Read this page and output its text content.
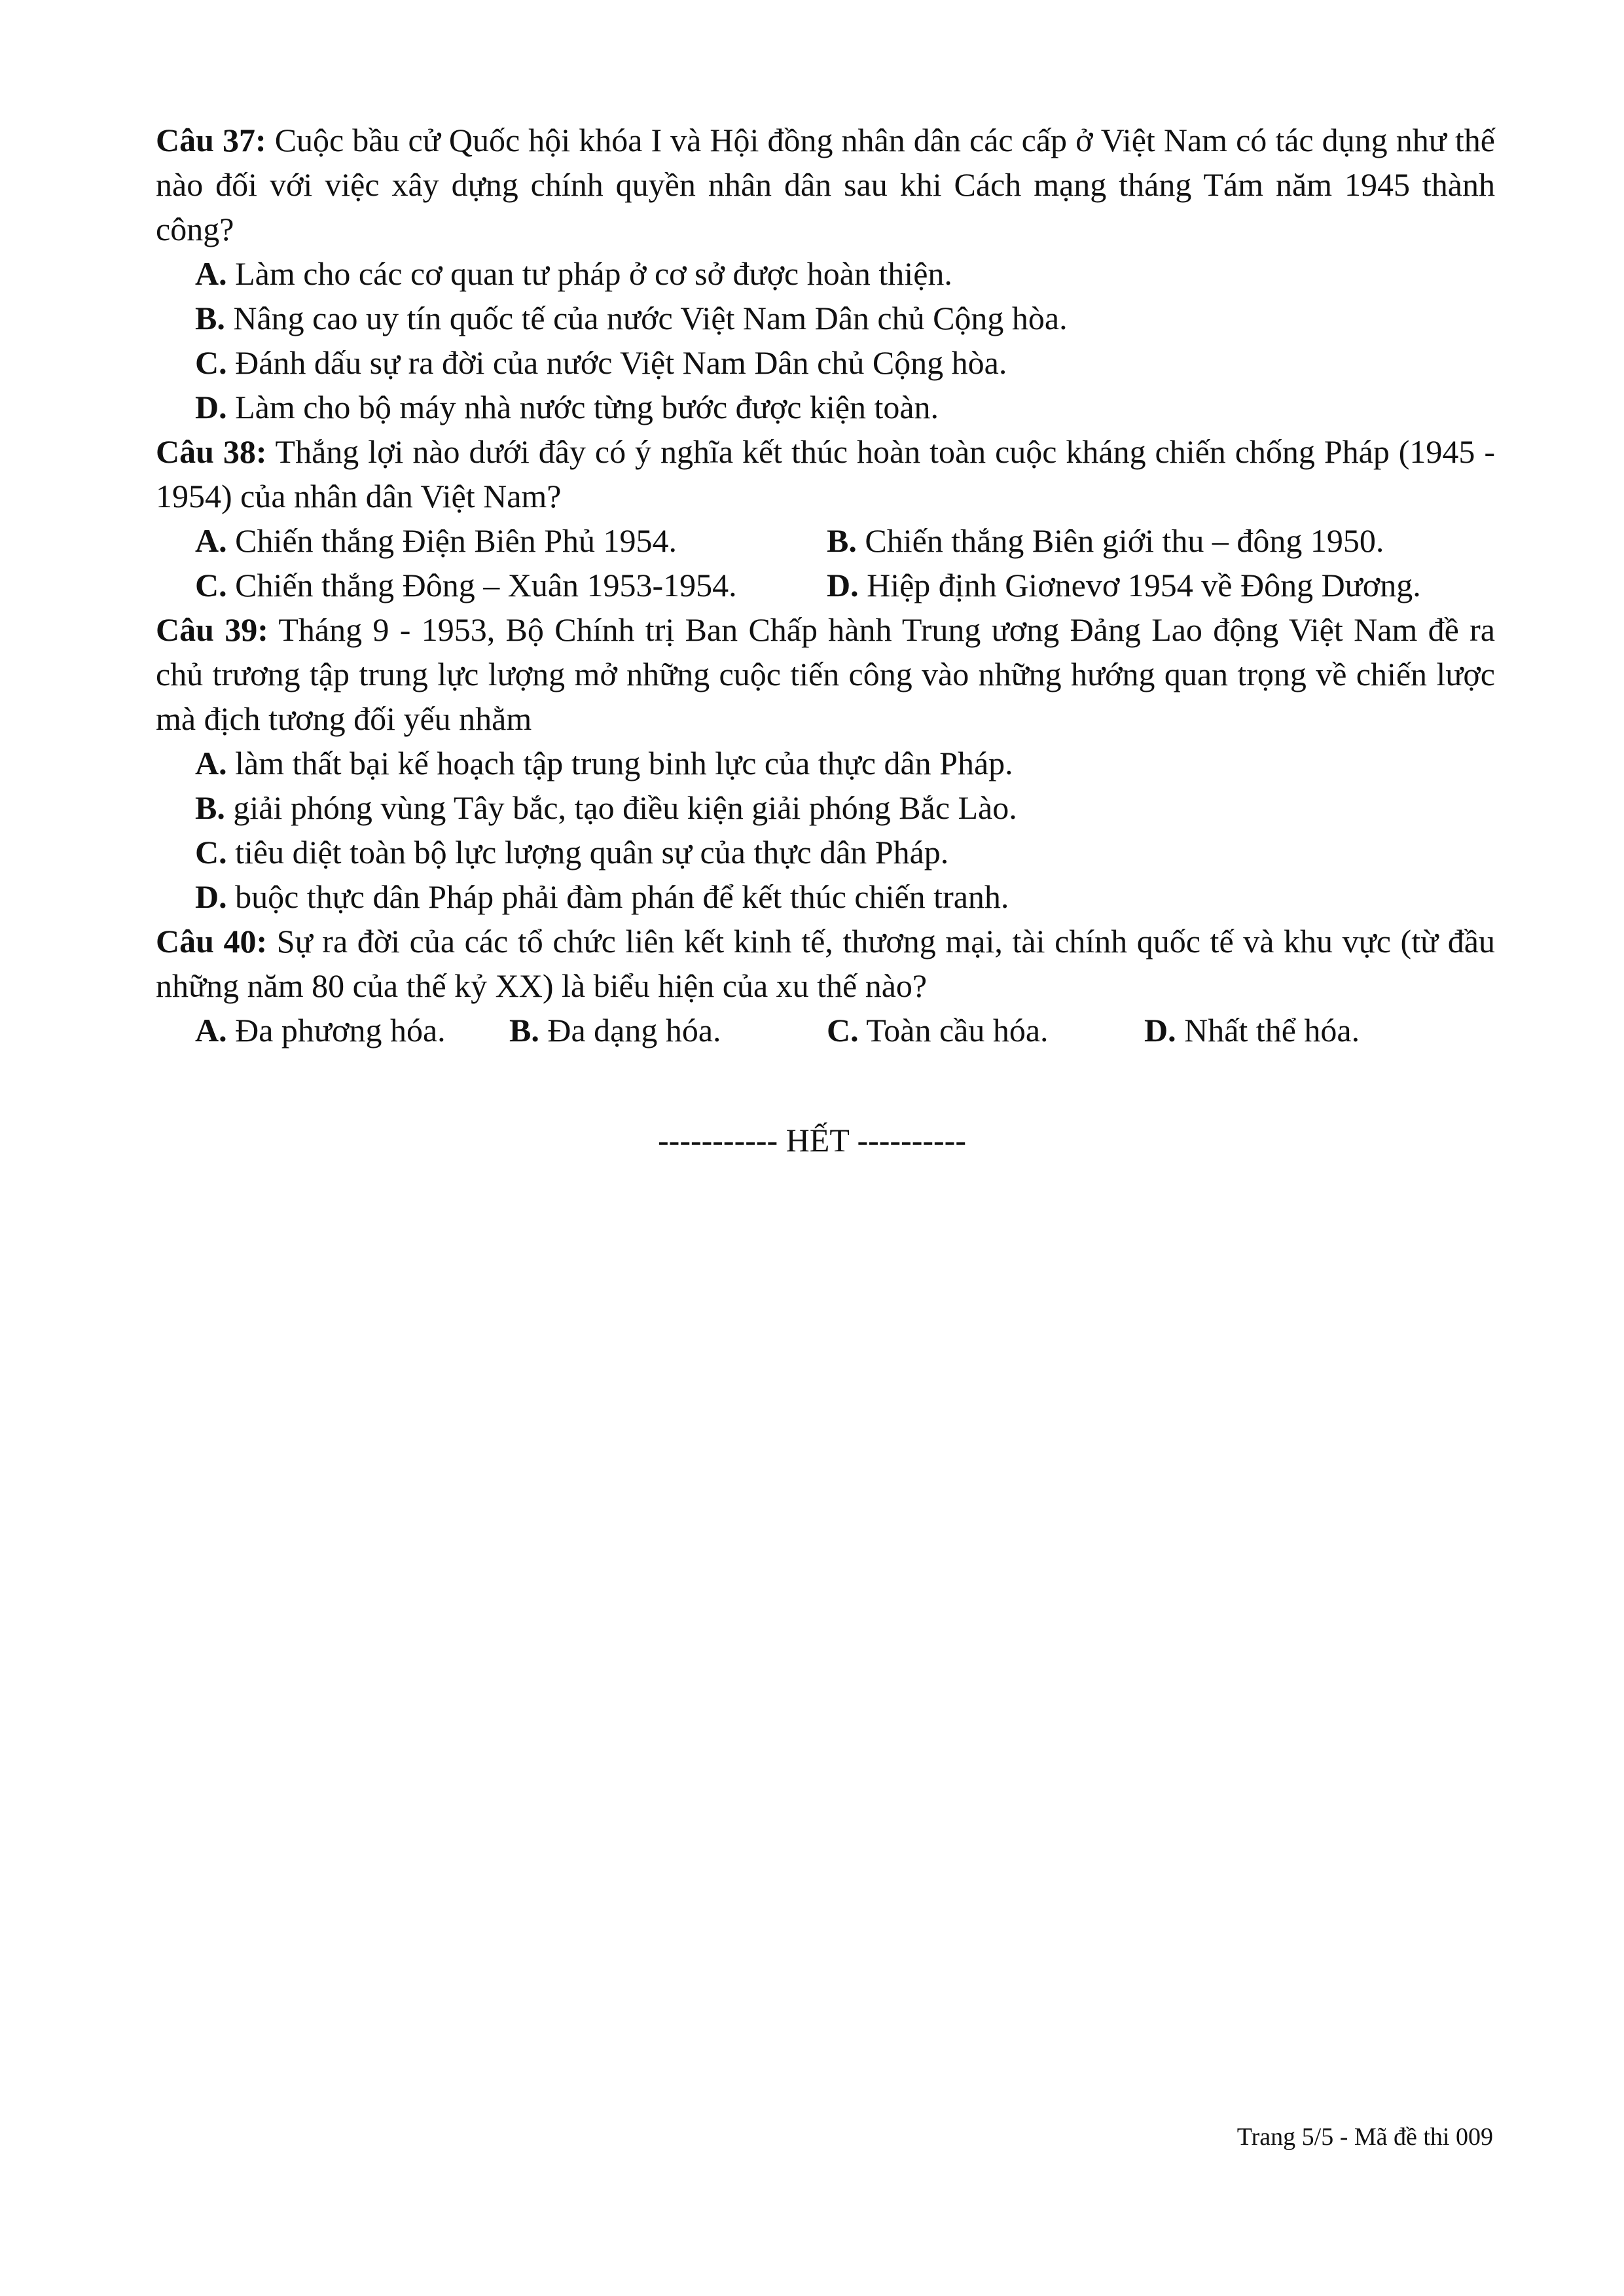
Câu 37: Cuộc bầu cử Quốc hội khóa I và Hội đồng nhân dân các cấp ở Việt Nam có tác dụng như thế nào đối với việc xây dựng chính quyền nhân dân sau khi Cách mạng tháng Tám năm 1945 thành công?

A. Làm cho các cơ quan tư pháp ở cơ sở được hoàn thiện.

B. Nâng cao uy tín quốc tế của nước Việt Nam Dân chủ Cộng hòa.

C. Đánh dấu sự ra đời của nước Việt Nam Dân chủ Cộng hòa.

D. Làm cho bộ máy nhà nước từng bước được kiện toàn.

Câu 38: Thắng lợi nào dưới đây có ý nghĩa kết thúc hoàn toàn cuộc kháng chiến chống Pháp (1945 - 1954) của nhân dân Việt Nam?

A. Chiến thắng Điện Biên Phủ 1954.	B. Chiến thắng Biên giới thu – đông 1950.
C. Chiến thắng Đông – Xuân 1953-1954.	D. Hiệp định Giơnevơ 1954 về Đông Dương.

Câu 39: Tháng 9 - 1953, Bộ Chính trị Ban Chấp hành Trung ương Đảng Lao động Việt Nam đề ra chủ trương tập trung lực lượng mở những cuộc tiến công vào những hướng quan trọng về chiến lược mà địch tương đối yếu nhằm

A. làm thất bại kế hoạch tập trung binh lực của thực dân Pháp.

B. giải phóng vùng Tây bắc, tạo điều kiện giải phóng Bắc Lào.

C. tiêu diệt toàn bộ lực lượng quân sự của thực dân Pháp.

D. buộc thực dân Pháp phải đàm phán để kết thúc chiến tranh.

Câu 40: Sự ra đời của các tổ chức liên kết kinh tế, thương mại, tài chính quốc tế và khu vực (từ đầu những năm 80 của thế kỷ XX) là biểu hiện của xu thế nào?

A. Đa phương hóa. B. Đa dạng hóa.	C. Toàn cầu hóa.	D. Nhất thể hóa.
----------- HẾT ----------
Trang 5/5 - Mã đề thi 009
